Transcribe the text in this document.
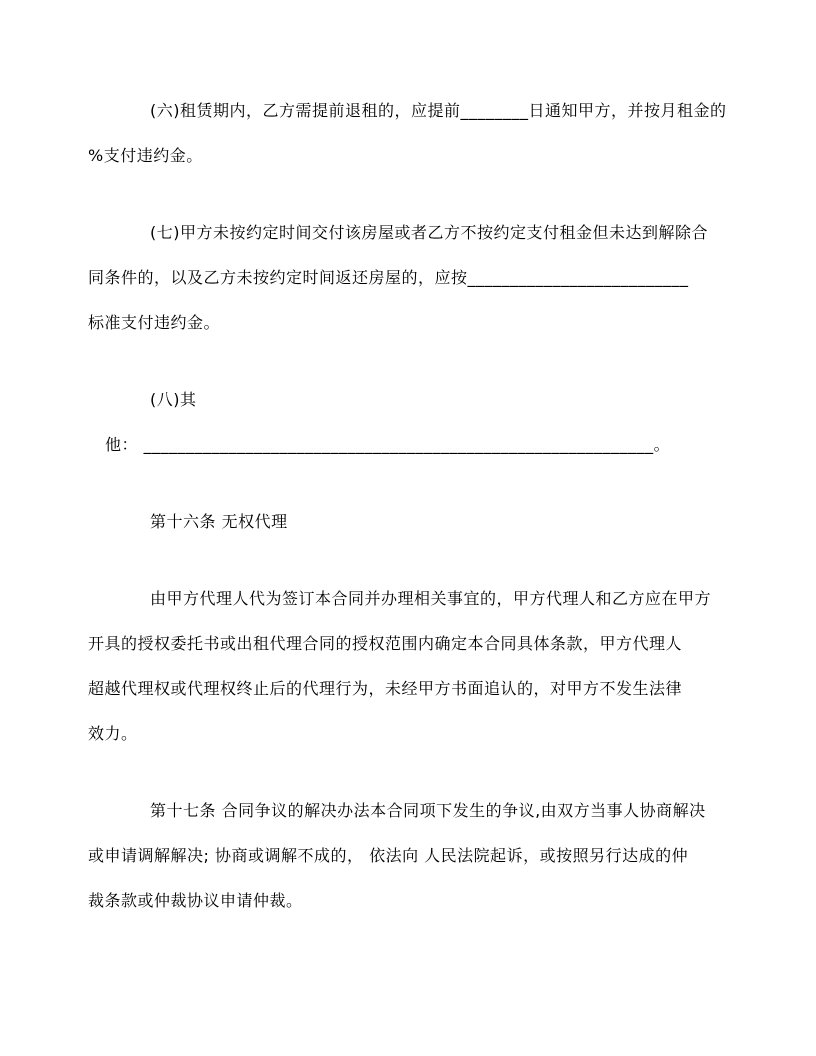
(六)租赁期内，乙方需提前退租的，应提前________日通知甲方，并按月租金的
%支付违约金。

(七)甲方未按约定时间交付该房屋或者乙方不按约定支付租金但未达到解除合
同条件的，以及乙方未按约定时间返还房屋的，应按__________________________
标准支付违约金。

(八)其
他： ____________________________________________________________。

第十六条 无权代理

由甲方代理人代为签订本合同并办理相关事宜的，甲方代理人和乙方应在甲方
开具的授权委托书或出租代理合同的授权范围内确定本合同具体条款，甲方代理人
超越代理权或代理权终止后的代理行为，未经甲方书面追认的，对甲方不发生法律
效力。

第十七条 合同争议的解决办法本合同项下发生的争议,由双方当事人协商解决
或申请调解解决; 协商或调解不成的， 依法向 人民法院起诉，或按照另行达成的仲
裁条款或仲裁协议申请仲裁。
